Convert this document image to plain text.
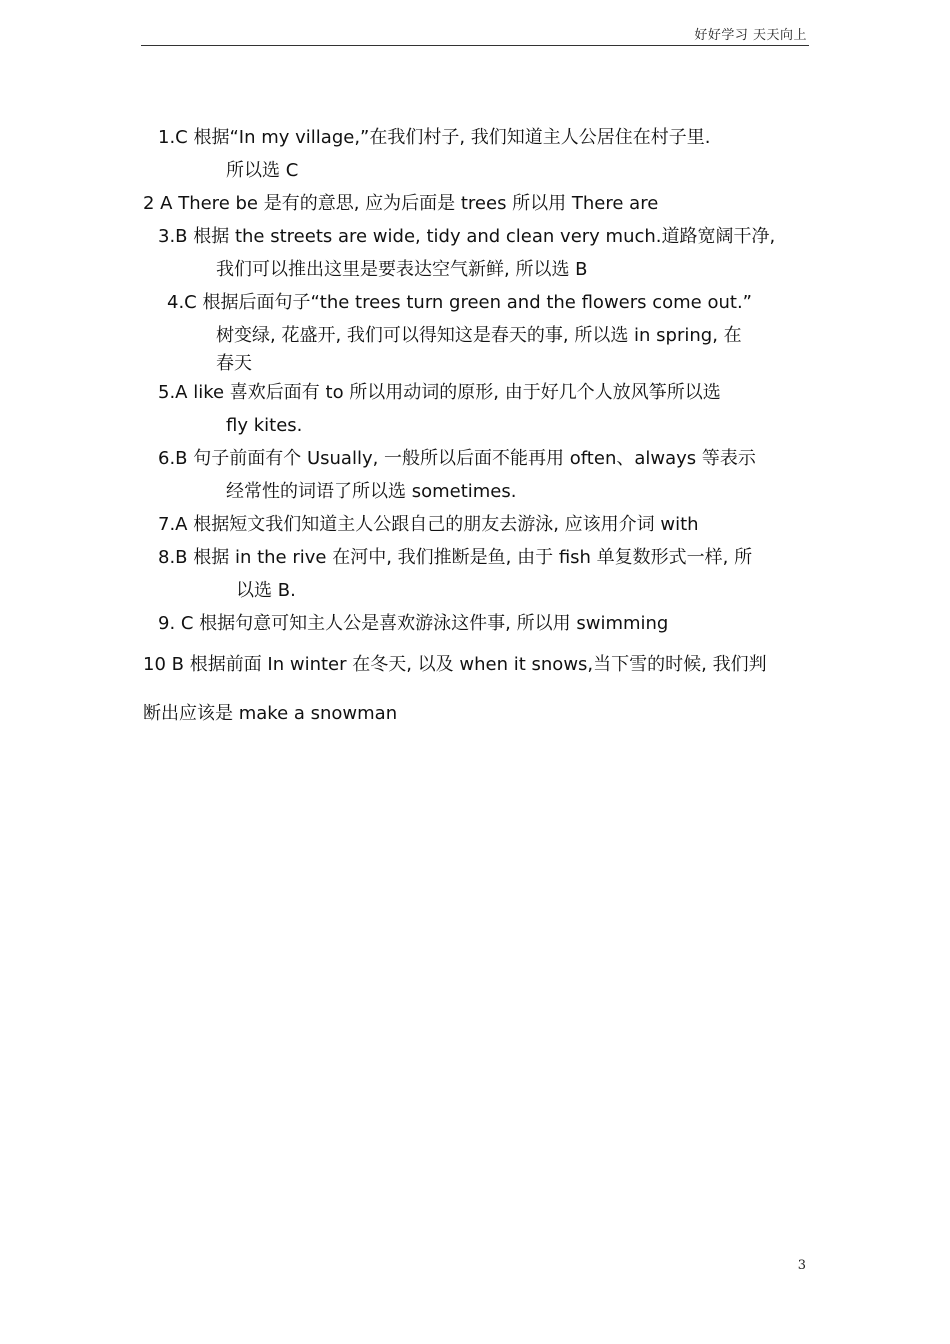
好好学习 天天向上
1.C 根据“In my village,”在我们村子, 我们知道主人公居住在村子里.
所以选 C
2 A There be 是有的意思, 应为后面是 trees 所以用 There are
3.B 根据 the streets are wide, tidy and clean very much.道路宽阔干净,
我们可以推出这里是要表达空气新鲜, 所以选 B
4.C 根据后面句子“the trees turn green and the flowers come out.”
树变绿, 花盛开, 我们可以得知这是春天的事, 所以选 in spring, 在
春天
5.A like 喜欢后面有 to 所以用动词的原形, 由于好几个人放风筝所以选
fly kites.
6.B 句子前面有个 Usually, 一般所以后面不能再用 often、always 等表示
经常性的词语了所以选 sometimes.
7.A 根据短文我们知道主人公跟自己的朋友去游泳, 应该用介词 with
8.B 根据 in the rive 在河中, 我们推断是鱼, 由于 fish 单复数形式一样, 所
以选 B.
9. C 根据句意可知主人公是喜欢游泳这件事, 所以用 swimming
10 B 根据前面 In winter 在冬天, 以及 when it snows,当下雪的时候, 我们判
断出应该是 make a snowman
3
